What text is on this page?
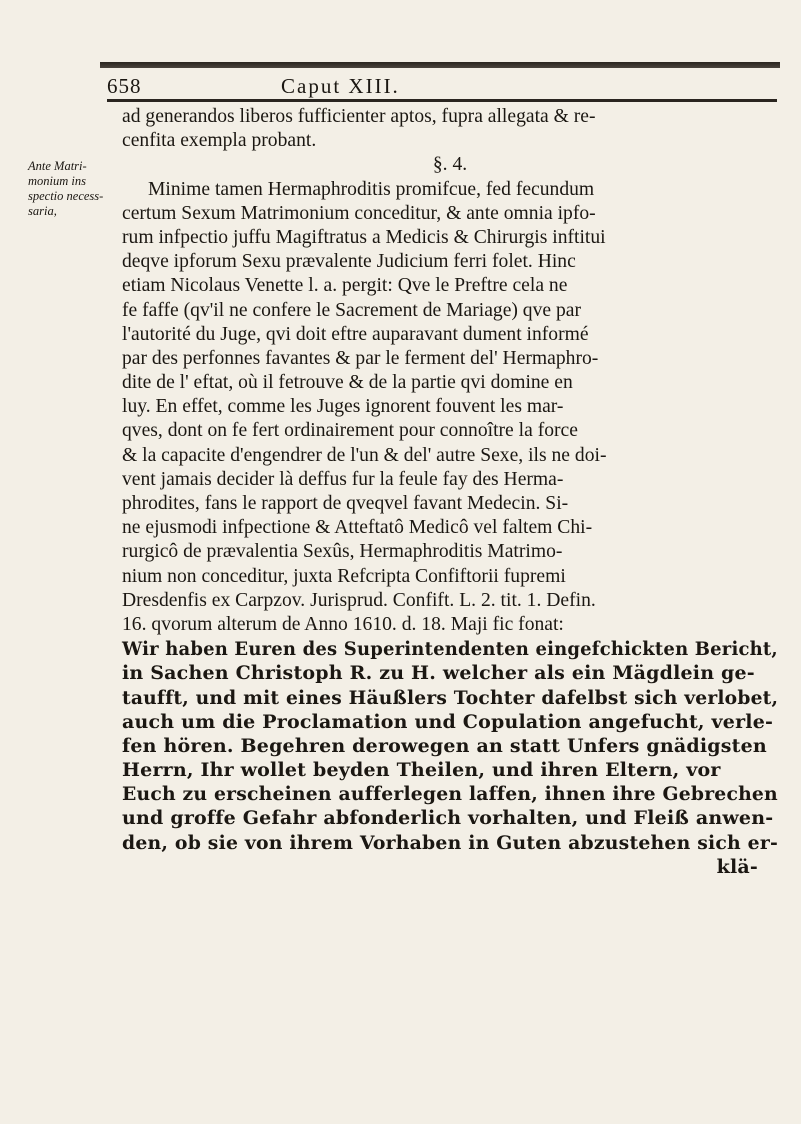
658	Caput XIII.
Ante Matri-
monium ins
spectio necess-
saria,
ad generandos liberos fufficienter aptos, fupra allegata & re-
cenfita exempla probant.
§. 4.
Minime tamen Hermaphroditis promifcue, fed fecundum
certum Sexum Matrimonium conceditur, & ante omnia ipfo-
rum infpectio juffu Magiftratus a Medicis & Chirurgis inftitui
deqve ipforum Sexu prævalente Judicium ferri folet. Hinc
etiam Nicolaus Venette l. a. pergit: Qve le Preftre cela ne
fe faffe (qv'il ne confere le Sacrement de Mariage) qve par
l'autorité du Juge, qvi doit eftre auparavant dument informé
par des perfonnes favantes & par le ferment del' Hermaphro-
dite de l' eftat, où il fetrouve & de la partie qvi domine en
luy. En effet, comme les Juges ignorent fouvent les mar-
qves, dont on fe fert ordinairement pour connoître la force
& la capacite d'engendrer de l'un & del' autre Sexe, ils ne doi-
vent jamais decider là deffus fur la feule fay des Herma-
phrodites, fans le rapport de qveqvel favant Medecin. Si-
ne ejusmodi infpectione & Atteftatô Medicô vel faltem Chi-
rurgicô de prævalentia Sexûs, Hermaphroditis Matrimo-
nium non conceditur, juxta Refcripta Confiftorii fupremi
Dresdenfis ex Carpzov. Jurisprud. Confift. L. 2. tit. 1. Defin.
16. qvorum alterum de Anno 1610. d. 18. Maji fic fonat:
Wir haben Euren des Superintendenten eingefchickten Bericht,
in Sachen Christoph R. zu H. welcher als ein Mägdlein ge-
taufft, und mit eines Häußlers Tochter dafelbst sich verlobet,
auch um die Proclamation und Copulation angefucht, verle-
fen hören. Begehren derowegen an statt Unfers gnädigsten
Herrn, Ihr wollet beyden Theilen, und ihren Eltern, vor
Euch zu erscheinen aufferlegen laffen, ihnen ihre Gebrechen
und groffe Gefahr abfonderlich vorhalten, und Fleiß anwen-
den, ob sie von ihrem Vorhaben in Guten abzustehen sich er-
klä-
